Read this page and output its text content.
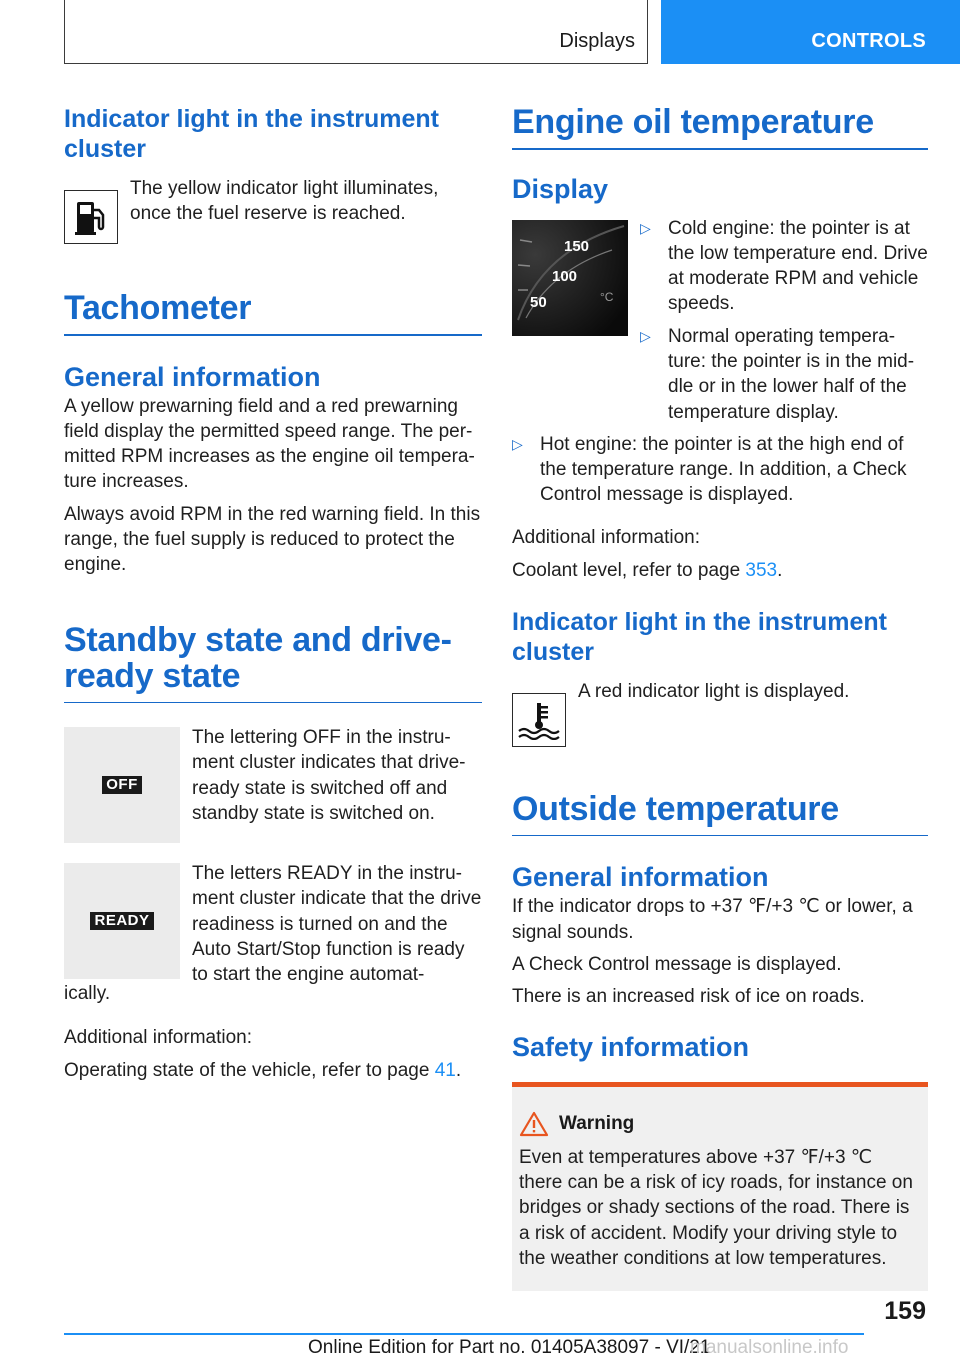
Displays	CONTROLS
Indicator light in the instrument cluster

The yellow indicator light illuminates, once the fuel reserve is reached.

Tachometer
General information

A yellow prewarning field and a red prewarning field display the permitted speed range. The per-mitted RPM increases as the engine oil tempera-ture increases.

Always avoid RPM in the red warning field. In this range, the fuel supply is reduced to protect the engine.

Standby state and drive-
ready state
OFF

The lettering OFF in the instru-ment cluster indicates that drive-ready state is switched off and standby state is switched on.

READY

The letters READY in the instru-ment cluster indicate that the drive readiness is turned on and the Auto Start/Stop function is ready to start the engine automat-

ically.

Additional information:

Operating state of the vehicle, refer to page 41.

Engine oil temperature
Display
150
100
50	°C
▷ Cold engine: the pointer is at the low temperature end. Drive at moderate RPM and vehicle speeds.

▷ Normal operating tempera-ture: the pointer is in the mid-dle or in the lower half of the temperature display.

▷ Hot engine: the pointer is at the high end of the temperature range. In addition, a Check Control message is displayed.

Additional information:

Coolant level, refer to page 353.

Indicator light in the instrument cluster

A red indicator light is displayed.

Outside temperature
General information

If the indicator drops to +37 ℉/+3 ℃ or lower, a signal sounds.

A Check Control message is displayed.

There is an increased risk of ice on roads.

Safety information
Warning

Even at temperatures above +37 ℉/+3 ℃ there can be a risk of icy roads, for instance on bridges or shady sections of the road. There is a risk of accident. Modify your driving style to the weather conditions at low temperatures.

159
Online Edition for Part no. 01405A38097 - VI/21
manualsonline.info
